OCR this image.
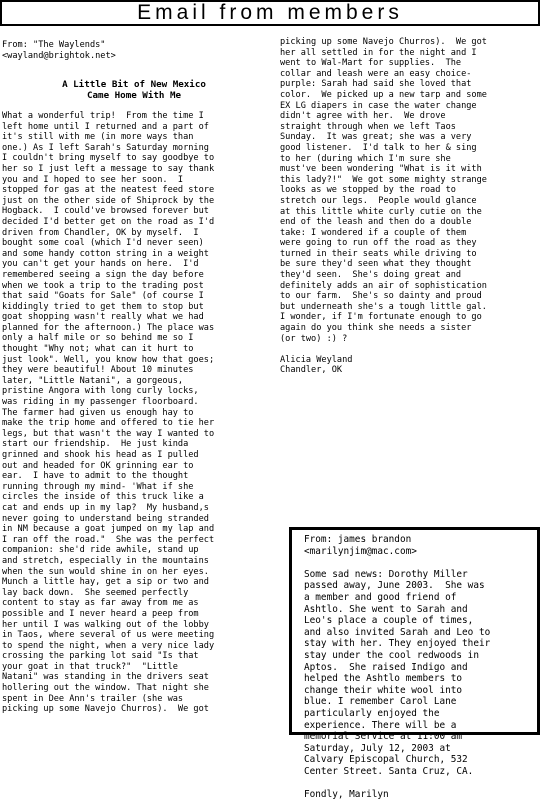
Email from members
From: "The Waylends"
<wayland@brightok.net>
A Little Bit of New Mexico
Came Home With Me
What a wonderful trip!  From the time I
left home until I returned and a part of
it's still with me (in more ways than
one.) As I left Sarah's Saturday morning
I couldn't bring myself to say goodbye to
her so I just left a message to say thank
you and I hoped to see her soon.  I
stopped for gas at the neatest feed store
just on the other side of Shiprock by the
Hogback.  I could've browsed forever but
decided I'd better get on the road as I'd
driven from Chandler, OK by myself.  I
bought some coal (which I'd never seen)
and some handy cotton string in a weight
you can't get your hands on here.  I'd
remembered seeing a sign the day before
when we took a trip to the trading post
that said "Goats for Sale" (of course I
kiddingly tried to get them to stop but
goat shopping wasn't really what we had
planned for the afternoon.) The place was
only a half mile or so behind me so I
thought "Why not; what can it hurt to
just look". Well, you know how that goes;
they were beautiful! About 10 minutes
later, "Little Natani", a gorgeous,
pristine Angora with long curly locks,
was riding in my passenger floorboard.
The farmer had given us enough hay to
make the trip home and offered to tie her
legs, but that wasn't the way I wanted to
start our friendship.  He just kinda
grinned and shook his head as I pulled
out and headed for OK grinning ear to
ear.  I have to admit to the thought
running through my mind- 'What if she
circles the inside of this truck like a
cat and ends up in my lap?  My husband,s
never going to understand being stranded
in NM because a goat jumped on my lap and
I ran off the road."  She was the perfect
companion: she'd ride awhile, stand up
and stretch, especially in the mountains
when the sun would shine in on her eyes.
Munch a little hay, get a sip or two and
lay back down.  She seemed perfectly
content to stay as far away from me as
possible and I never heard a peep from
her until I was walking out of the lobby
in Taos, where several of us were meeting
to spend the night, when a very nice lady
crossing the parking lot said "Is that
your goat in that truck?"  "Little
Natani" was standing in the drivers seat
hollering out the window. That night she
spent in Dee Ann's trailer (she was
picking up some Navejo Churros).  We got

picking up some Navejo Churros).  We got
her all settled in for the night and I
went to Wal-Mart for supplies.  The
collar and leash were an easy choice-
purple: Sarah had said she loved that
color.  We picked up a new tarp and some
EX LG diapers in case the water change
didn't agree with her.  We drove
straight through when we left Taos
Sunday.  It was great; she was a very
good listener.  I'd talk to her & sing
to her (during which I'm sure she
must've been wondering "What is it with
this lady?!"  We got some mighty strange
looks as we stopped by the road to
stretch our legs.  People would glance
at this little white curly cutie on the
end of the leash and then do a double
take: I wondered if a couple of them
were going to run off the road as they
turned in their seats while driving to
be sure they'd seen what they thought
they'd seen.  She's doing great and
definitely adds an air of sophistication
to our farm.  She's so dainty and proud
but underneath she's a tough little gal.
I wonder, if I'm fortunate enough to go
again do you think she needs a sister
(or two) :) ?

Alicia Weyland
Chandler, OK

From: james brandon
<marilynjim@mac.com>

Some sad news: Dorothy Miller
passed away, June 2003.  She was
a member and good friend of
Ashtlo. She went to Sarah and
Leo's place a couple of times,
and also invited Sarah and Leo to
stay with her. They enjoyed their
stay under the cool redwoods in
Aptos.  She raised Indigo and
helped the Ashtlo members to
change their white wool into
blue. I remember Carol Lane
particularly enjoyed the
experience. There will be a
memorial Service at 11:00 am
Saturday, July 12, 2003 at
Calvary Episcopal Church, 532
Center Street. Santa Cruz, CA.

Fondly, Marilyn
